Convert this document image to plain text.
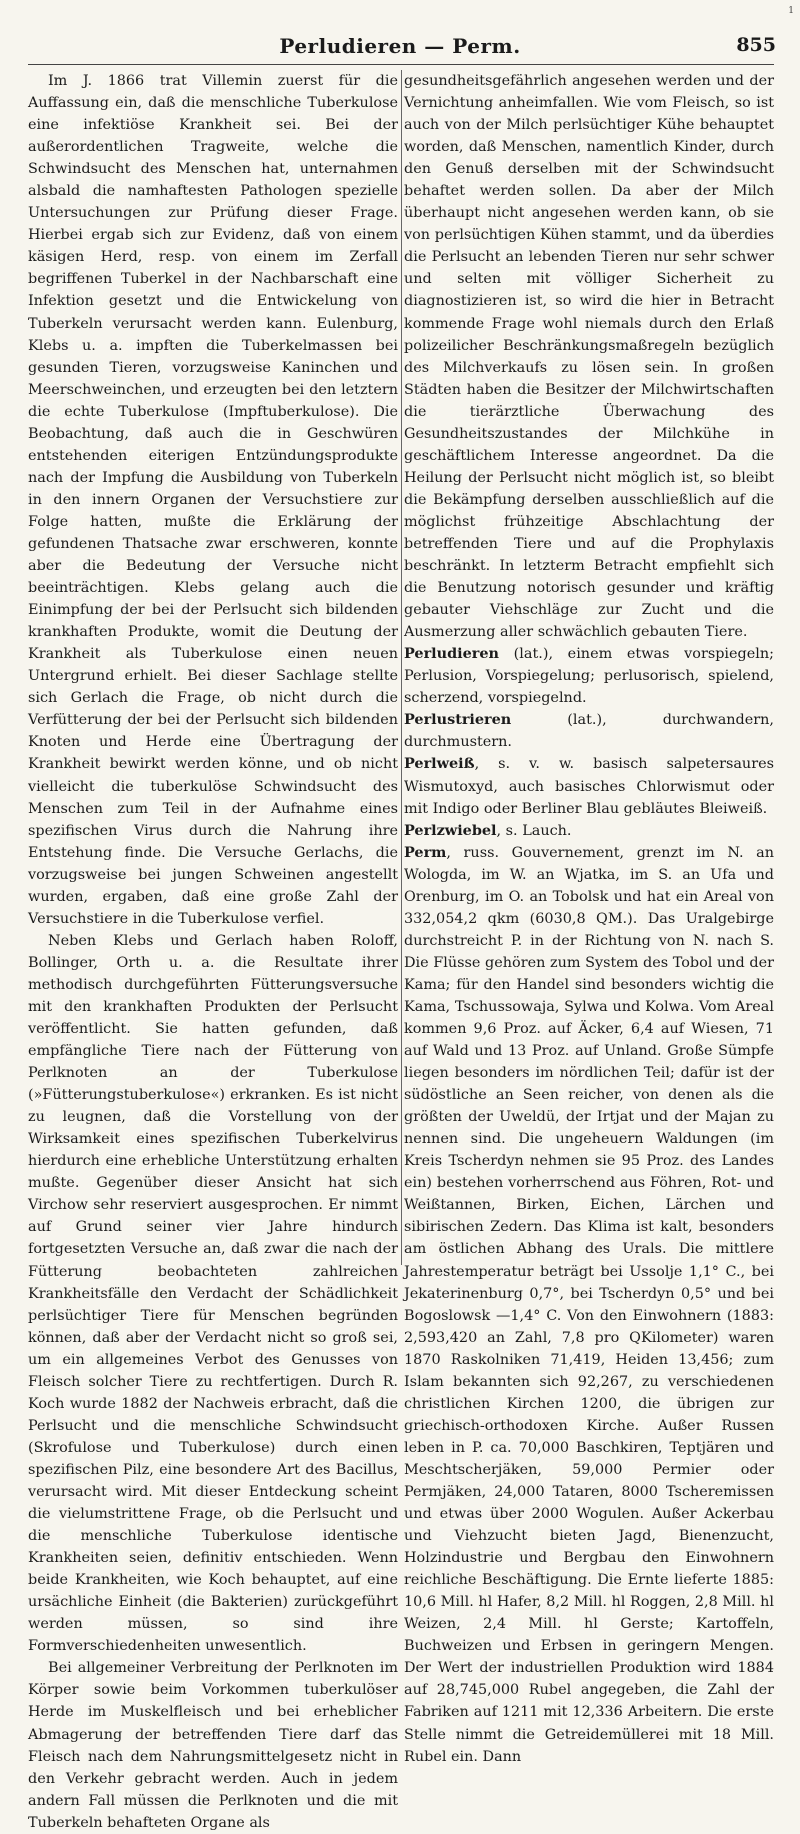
1
Perludieren — Perm.	855

Im J. 1866 trat Villemin zuerst für die Auffassung ein, daß die menschliche Tuberkulose eine infektiöse Krankheit sei. Bei der außerordentlichen Tragweite, welche die Schwindsucht des Menschen hat, unternahmen alsbald die namhaftesten Pathologen spezielle Untersuchungen zur Prüfung dieser Frage. Hierbei ergab sich zur Evidenz, daß von einem käsigen Herd, resp. von einem im Zerfall begriffenen Tuberkel in der Nachbarschaft eine Infektion gesetzt und die Entwickelung von Tuberkeln verursacht werden kann. Eulenburg, Klebs u. a. impften die Tuberkelmassen bei gesunden Tieren, vorzugsweise Kaninchen und Meerschweinchen, und erzeugten bei den letztern die echte Tuberkulose (Impftuberkulose). Die Beobachtung, daß auch die in Geschwüren entstehenden eiterigen Entzündungsprodukte nach der Impfung die Ausbildung von Tuberkeln in den innern Organen der Versuchstiere zur Folge hatten, mußte die Erklärung der gefundenen Thatsache zwar erschweren, konnte aber die Bedeutung der Versuche nicht beeinträchtigen. Klebs gelang auch die Einimpfung der bei der Perlsucht sich bildenden krankhaften Produkte, womit die Deutung der Krankheit als Tuberkulose einen neuen Untergrund erhielt. Bei dieser Sachlage stellte sich Gerlach die Frage, ob nicht durch die Verfütterung der bei der Perlsucht sich bildenden Knoten und Herde eine Übertragung der Krankheit bewirkt werden könne, und ob nicht vielleicht die tuberkulöse Schwindsucht des Menschen zum Teil in der Aufnahme eines spezifischen Virus durch die Nahrung ihre Entstehung finde. Die Versuche Gerlachs, die vorzugsweise bei jungen Schweinen angestellt wurden, ergaben, daß eine große Zahl der Versuchstiere in die Tuberkulose verfiel.

Neben Klebs und Gerlach haben Roloff, Bollinger, Orth u. a. die Resultate ihrer methodisch durchgeführten Fütterungsversuche mit den krankhaften Produkten der Perlsucht veröffentlicht. Sie hatten gefunden, daß empfängliche Tiere nach der Fütterung von Perlknoten an der Tuberkulose (»Fütterungstuberkulose«) erkranken. Es ist nicht zu leugnen, daß die Vorstellung von der Wirksamkeit eines spezifischen Tuberkelvirus hierdurch eine erhebliche Unterstützung erhalten mußte. Gegenüber dieser Ansicht hat sich Virchow sehr reserviert ausgesprochen. Er nimmt auf Grund seiner vier Jahre hindurch fortgesetzten Versuche an, daß zwar die nach der Fütterung beobachteten zahlreichen Krankheitsfälle den Verdacht der Schädlichkeit perlsüchtiger Tiere für Menschen begründen können, daß aber der Verdacht nicht so groß sei, um ein allgemeines Verbot des Genusses von Fleisch solcher Tiere zu rechtfertigen. Durch R. Koch wurde 1882 der Nachweis erbracht, daß die Perlsucht und die menschliche Schwindsucht (Skrofulose und Tuberkulose) durch einen spezifischen Pilz, eine besondere Art des Bacillus, verursacht wird. Mit dieser Entdeckung scheint die vielumstrittene Frage, ob die Perlsucht und die menschliche Tuberkulose identische Krankheiten seien, definitiv entschieden. Wenn beide Krankheiten, wie Koch behauptet, auf eine ursächliche Einheit (die Bakterien) zurückgeführt werden müssen, so sind ihre Formverschiedenheiten unwesentlich.

Bei allgemeiner Verbreitung der Perlknoten im Körper sowie beim Vorkommen tuberkulöser Herde im Muskelfleisch und bei erheblicher Abmagerung der betreffenden Tiere darf das Fleisch nach dem Nahrungsmittelgesetz nicht in den Verkehr gebracht werden. Auch in jedem andern Fall müssen die Perlknoten und die mit Tuberkeln behafteten Organe als

gesundheitsgefährlich angesehen werden und der Vernichtung anheimfallen. Wie vom Fleisch, so ist auch von der Milch perlsüchtiger Kühe behauptet worden, daß Menschen, namentlich Kinder, durch den Genuß derselben mit der Schwindsucht behaftet werden sollen. Da aber der Milch überhaupt nicht angesehen werden kann, ob sie von perlsüchtigen Kühen stammt, und da überdies die Perlsucht an lebenden Tieren nur sehr schwer und selten mit völliger Sicherheit zu diagnostizieren ist, so wird die hier in Betracht kommende Frage wohl niemals durch den Erlaß polizeilicher Beschränkungsmaßregeln bezüglich des Milchverkaufs zu lösen sein. In großen Städten haben die Besitzer der Milchwirtschaften die tierärztliche Überwachung des Gesundheitszustandes der Milchkühe in geschäftlichem Interesse angeordnet. Da die Heilung der Perlsucht nicht möglich ist, so bleibt die Bekämpfung derselben ausschließlich auf die möglichst frühzeitige Abschlachtung der betreffenden Tiere und auf die Prophylaxis beschränkt. In letzterm Betracht empfiehlt sich die Benutzung notorisch gesunder und kräftig gebauter Viehschläge zur Zucht und die Ausmerzung aller schwächlich gebauten Tiere.

Perludieren (lat.), einem etwas vorspiegeln; Perlusion, Vorspiegelung; perlusorisch, spielend, scherzend, vorspiegelnd.

Perlustrieren (lat.), durchwandern, durchmustern.

Perlweiß, s. v. w. basisch salpetersaures Wismutoxyd, auch basisches Chlorwismut oder mit Indigo oder Berliner Blau gebläutes Bleiweiß.

Perlzwiebel, s. Lauch.

Perm, russ. Gouvernement, grenzt im N. an Wologda, im W. an Wjatka, im S. an Ufa und Orenburg, im O. an Tobolsk und hat ein Areal von 332,054,2 qkm (6030,8 QM.). Das Uralgebirge durchstreicht P. in der Richtung von N. nach S. Die Flüsse gehören zum System des Tobol und der Kama; für den Handel sind besonders wichtig die Kama, Tschussowaja, Sylwa und Kolwa. Vom Areal kommen 9,6 Proz. auf Äcker, 6,4 auf Wiesen, 71 auf Wald und 13 Proz. auf Unland. Große Sümpfe liegen besonders im nördlichen Teil; dafür ist der südöstliche an Seen reicher, von denen als die größten der Uweldü, der Irtjat und der Majan zu nennen sind. Die ungeheuern Waldungen (im Kreis Tscherdyn nehmen sie 95 Proz. des Landes ein) bestehen vorherrschend aus Föhren, Rot- und Weißtannen, Birken, Eichen, Lärchen und sibirischen Zedern. Das Klima ist kalt, besonders am östlichen Abhang des Urals. Die mittlere Jahrestemperatur beträgt bei Ussolje 1,1° C., bei Jekaterinenburg 0,7°, bei Tscherdyn 0,5° und bei Bogoslowsk —1,4° C. Von den Einwohnern (1883: 2,593,420 an Zahl, 7,8 pro QKilometer) waren 1870 Raskolniken 71,419, Heiden 13,456; zum Islam bekannten sich 92,267, zu verschiedenen christlichen Kirchen 1200, die übrigen zur griechisch-orthodoxen Kirche. Außer Russen leben in P. ca. 70,000 Baschkiren, Teptjären und Meschtscherjäken, 59,000 Permier oder Permjäken, 24,000 Tataren, 8000 Tscheremissen und etwas über 2000 Wogulen. Außer Ackerbau und Viehzucht bieten Jagd, Bienenzucht, Holzindustrie und Bergbau den Einwohnern reichliche Beschäftigung. Die Ernte lieferte 1885: 10,6 Mill. hl Hafer, 8,2 Mill. hl Roggen, 2,8 Mill. hl Weizen, 2,4 Mill. hl Gerste; Kartoffeln, Buchweizen und Erbsen in geringern Mengen. Der Wert der industriellen Produktion wird 1884 auf 28,745,000 Rubel angegeben, die Zahl der Fabriken auf 1211 mit 12,336 Arbeitern. Die erste Stelle nimmt die Getreidemüllerei mit 18 Mill. Rubel ein. Dann
